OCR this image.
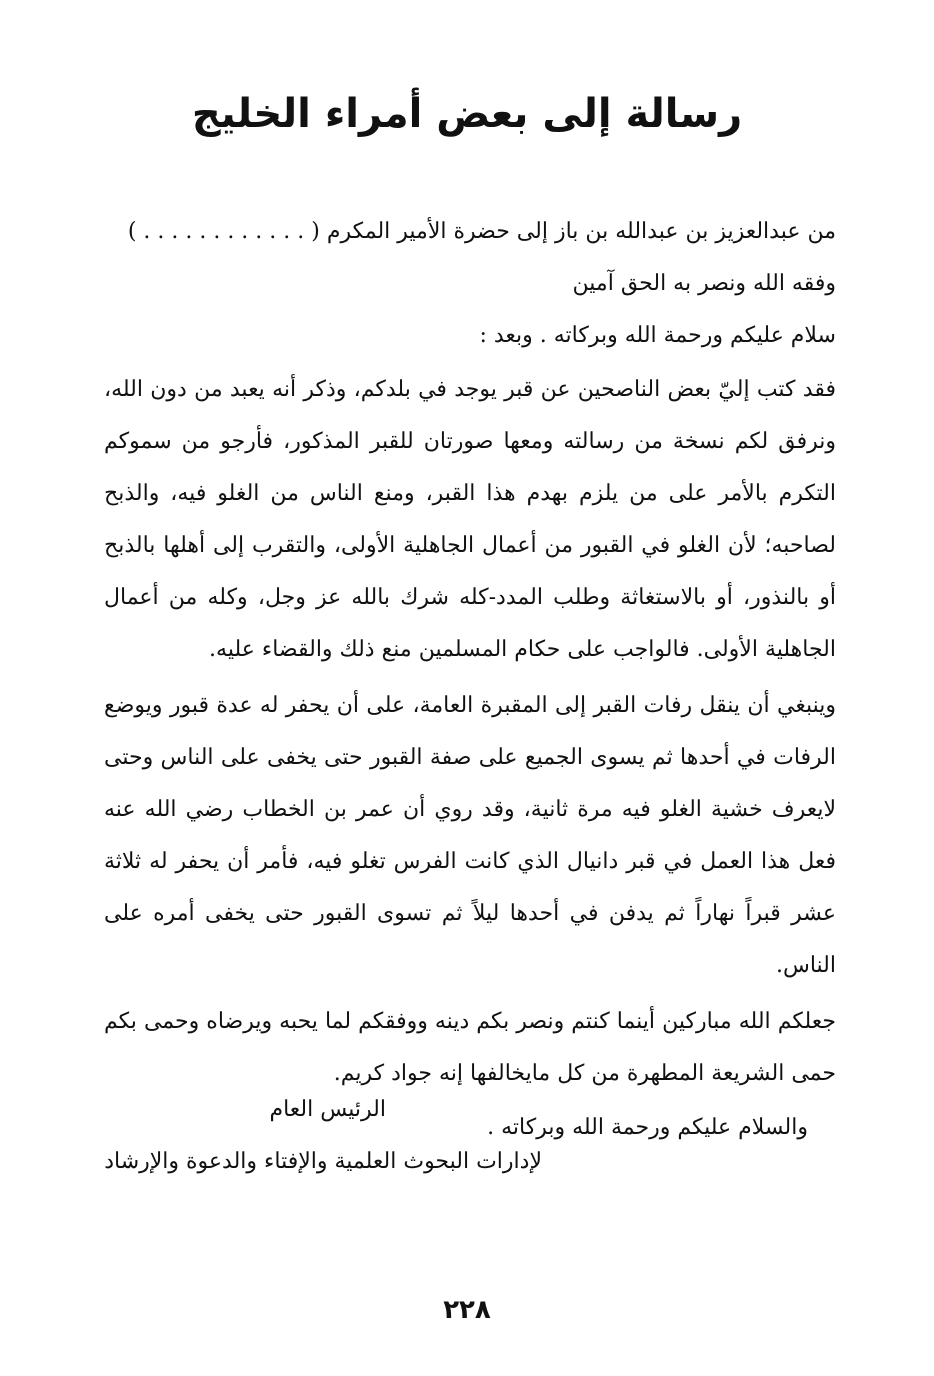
رسالة إلى بعض أمراء الخليج
من عبدالعزيز بن عبدالله بن باز إلى حضرة الأمير المكرم ( . . . . . . . . . . . . )
وفقه الله ونصر به الحق آمين
سلام عليكم ورحمة الله وبركاته . وبعد :

فقد كتب إليّ بعض الناصحين عن قبر يوجد في بلدكم، وذكر أنه يعبد من دون الله، ونرفق لكم نسخة من رسالته ومعها صورتان للقبر المذكور، فأرجو من سموكم التكرم بالأمر على من يلزم بهدم هذا القبر، ومنع الناس من الغلو فيه، والذبح لصاحبه؛ لأن الغلو في القبور من أعمال الجاهلية الأولى، والتقرب إلى أهلها بالذبح أو بالنذور، أو بالاستغاثة وطلب المدد-كله شرك بالله عز وجل، وكله من أعمال الجاهلية الأولى. فالواجب على حكام المسلمين منع ذلك والقضاء عليه.

وينبغي أن ينقل رفات القبر إلى المقبرة العامة، على أن يحفر له عدة قبور ويوضع الرفات في أحدها ثم يسوى الجميع على صفة القبور حتى يخفى على الناس وحتى لايعرف خشية الغلو فيه مرة ثانية، وقد روي أن عمر بن الخطاب رضي الله عنه فعل هذا العمل في قبر دانيال الذي كانت الفرس تغلو فيه، فأمر أن يحفر له ثلاثة عشر قبراً نهاراً ثم يدفن في أحدها ليلاً ثم تسوى القبور حتى يخفى أمره على الناس.

جعلكم الله مباركين أينما كنتم ونصر بكم دينه ووفقكم لما يحبه ويرضاه وحمى بكم حمى الشريعة المطهرة من كل مايخالفها إنه جواد كريم.

والسلام عليكم ورحمة الله وبركاته .
الرئيس العام
لإدارات البحوث العلمية والإفتاء والدعوة والإرشاد
٢٢٨
